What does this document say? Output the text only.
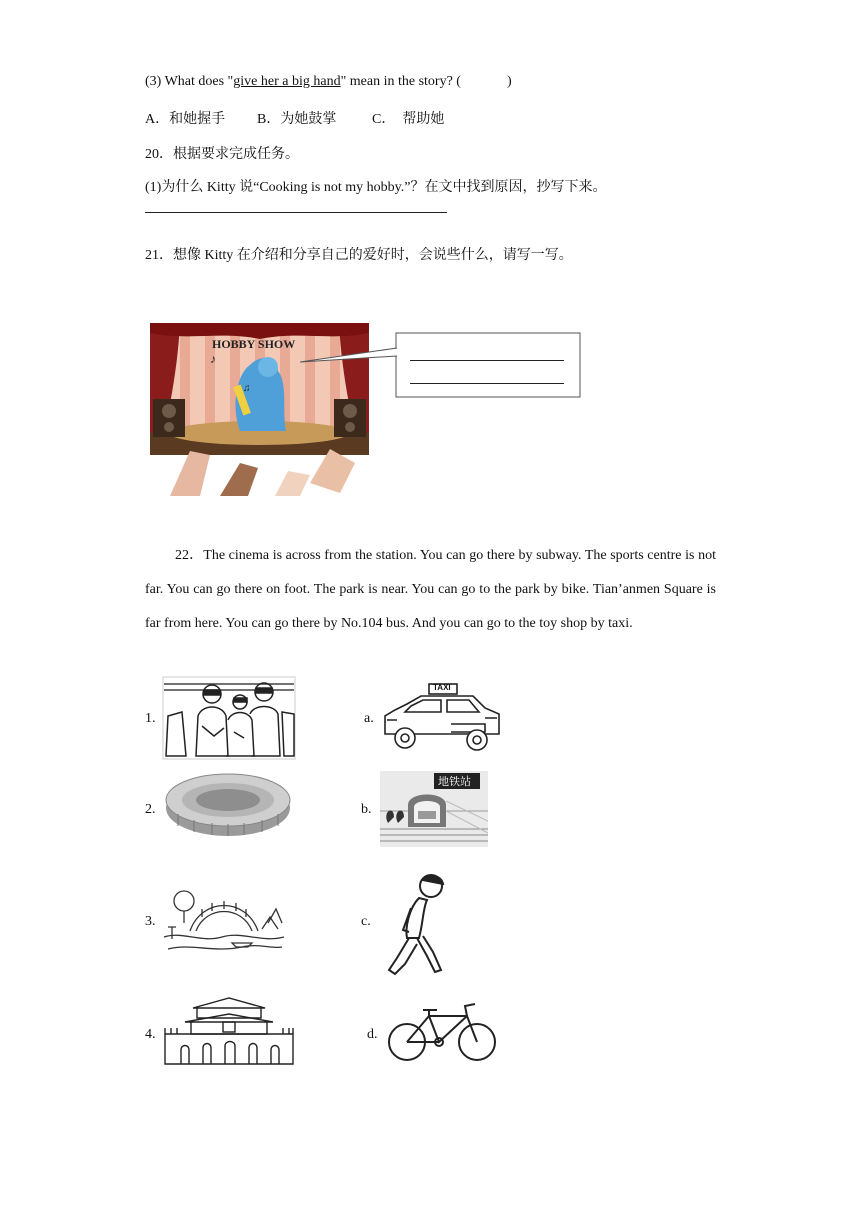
(3) What does "give her a big hand" mean in the story? (	)
A．和她握手 B．为她鼓掌	C．　帮助她
20．根据要求完成任务。
(1)为什么 Kitty 说“Cooking is not my hobby.”？在文中找到原因，抄写下来。
21．想像 Kitty 在介绍和分享自己的爱好时，会说些什么，请写一写。
♫
♪
HOBBY SHOW

22．The cinema is across from the station. You can go there by subway. The sports centre is not far. You can go there on foot. The park is near. You can go to the park by bike. Tian’anmen Square is far from here. You can go there by No.104 bus. And you can go to the toy shop by taxi.

1.
2.
3.
4.
a.
b.
c.
d.
TAXI
地铁站
